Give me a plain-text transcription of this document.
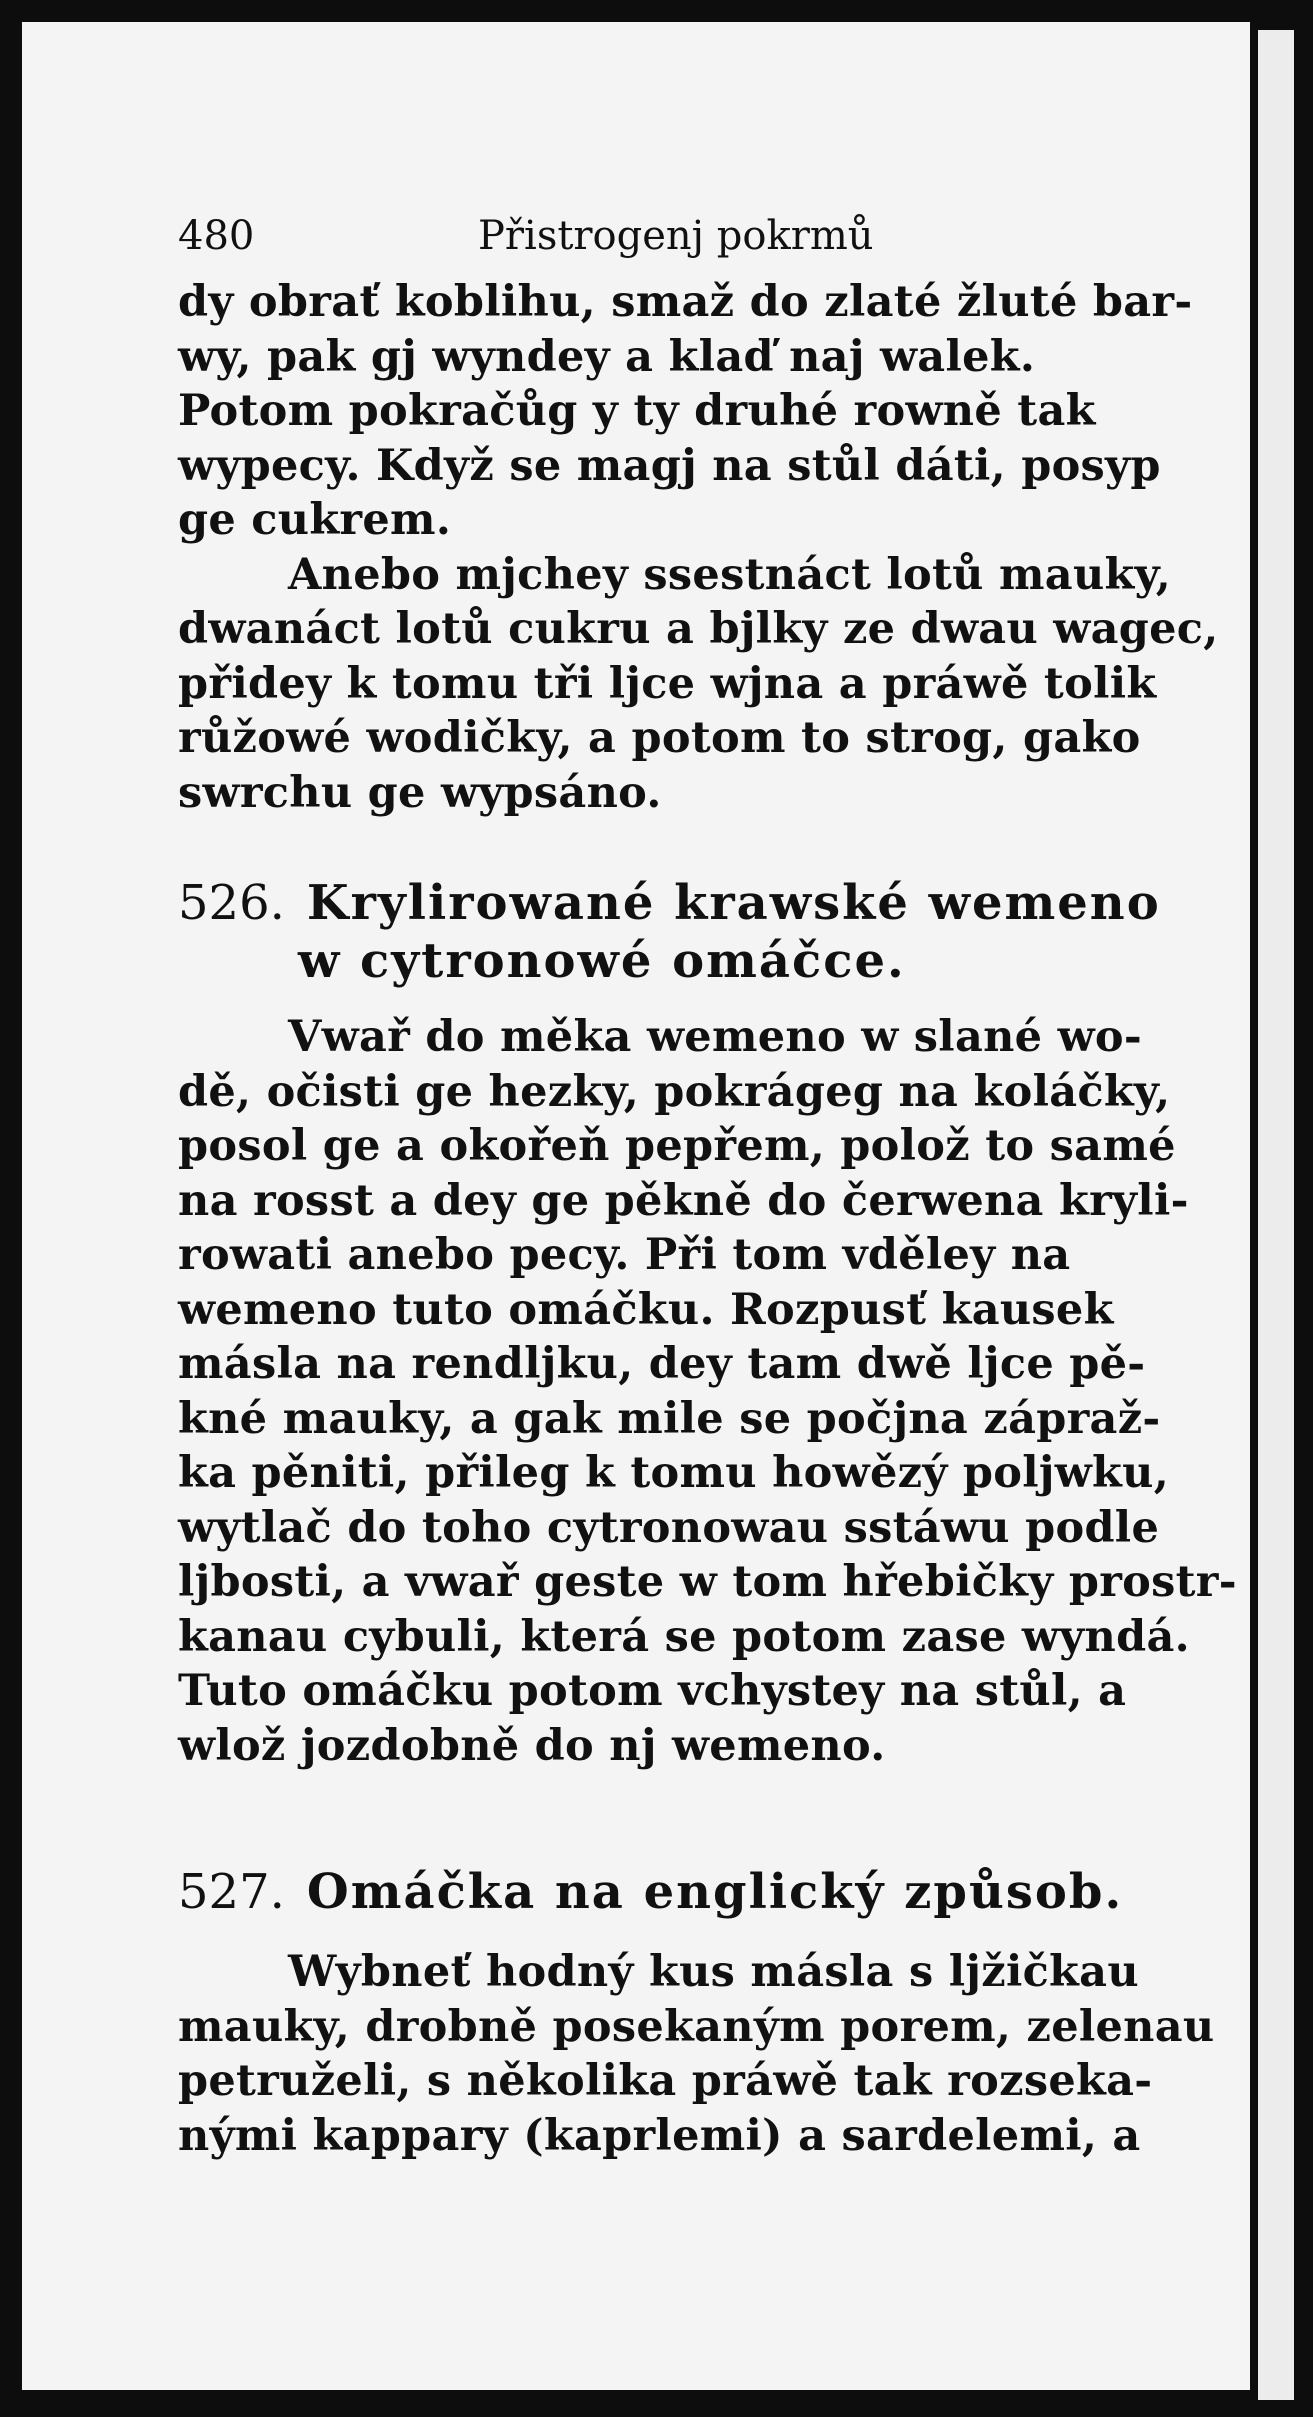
480	Přistrogenj pokrmů
dy obrať koblihu, smaž do zlaté žluté bar-
wy, pak gj wyndey a klaď naj walek.
Potom pokračůg y ty druhé rowně tak
wypecy. Když se magj na stůl dáti, posyp
ge cukrem.
Anebo mjchey ssestnáct lotů mauky,
dwanáct lotů cukru a bjlky ze dwau wagec,
přidey k tomu tři ljce wjna a práwě tolik
růžowé wodičky, a potom to strog, gako
swrchu ge wypsáno.
526. Krylirowané krawské wemeno
w cytronowé omáčce.
Vwař do měka wemeno w slané wo-
dě, očisti ge hezky, pokrágeg na koláčky,
posol ge a okořeň pepřem, polož to samé
na rosst a dey ge pěkně do čerwena kryli-
rowati anebo pecy. Při tom vděley na
wemeno tuto omáčku. Rozpusť kausek
másla na rendljku, dey tam dwě ljce pě-
kné mauky, a gak mile se počjna zápraž-
ka pěniti, přileg k tomu howězý poljwku,
wytlač do toho cytronowau sstáwu podle
ljbosti, a vwař geste w tom hřebičky prostr-
kanau cybuli, která se potom zase wyndá.
Tuto omáčku potom vchystey na stůl, a
wlož jozdobně do nj wemeno.
527. Omáčka na englický způsob.
Wybneť hodný kus másla s ljžičkau
mauky, drobně posekaným porem, zelenau
petruželi, s několika práwě tak rozseka-
nými kappary (kaprlemi) a sardelemi, a
